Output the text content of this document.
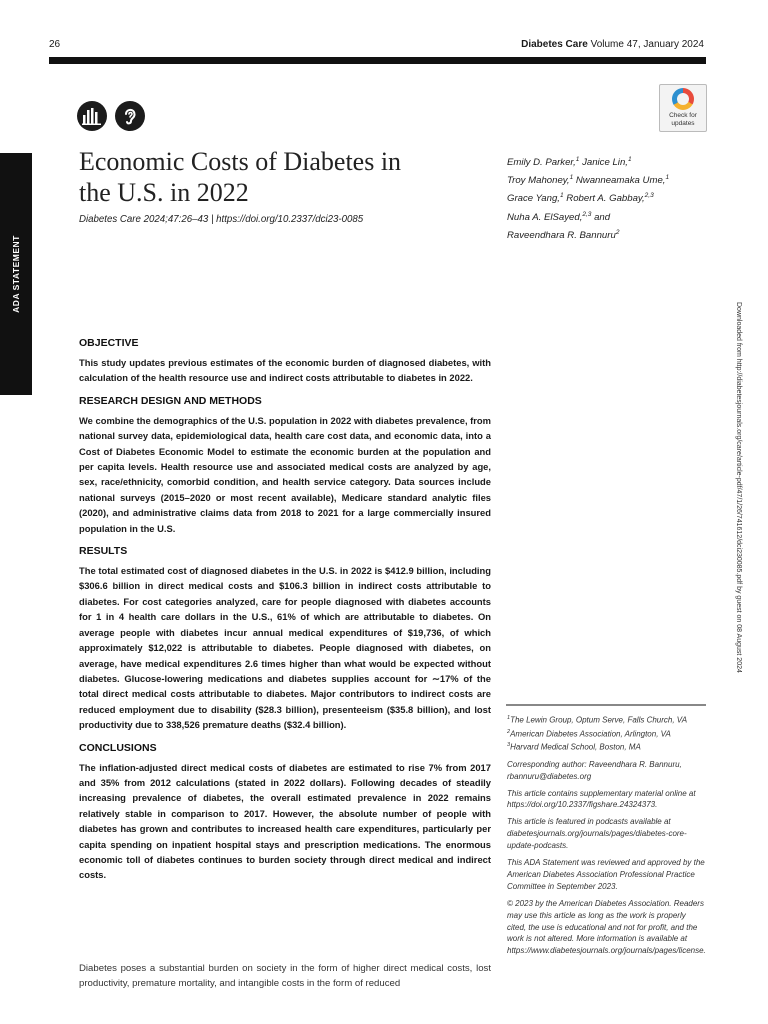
26	Diabetes Care Volume 47, January 2024
ADA STATEMENT
Check for
updates
Economic Costs of Diabetes in
the U.S. in 2022
Diabetes Care 2024;47:26–43 | https://doi.org/10.2337/dci23-0085
Emily D. Parker,$^1$ Janice Lin,$^1$
Troy Mahoney,$^1$ Nwanneamaka Ume,$^1$
Grace Yang,$^1$ Robert A. Gabbay,$^{2,3}$
Nuha A. ElSayed,$^{2,3}$ and
Raveendhara R. Bannuru$^2$
Downloaded from http://diabetesjournals.org/care/article-pdf/47/1/26/741612/dci230085.pdf by guest on 08 August 2024
OBJECTIVE

This study updates previous estimates of the economic burden of diagnosed diabetes, with calculation of the health resource use and indirect costs attributable to diabetes in 2022.

RESEARCH DESIGN AND METHODS

We combine the demographics of the U.S. population in 2022 with diabetes prevalence, from national survey data, epidemiological data, health care cost data, and economic data, into a Cost of Diabetes Economic Model to estimate the economic burden at the population and per capita levels. Health resource use and associated medical costs are analyzed by age, sex, race/ethnicity, comorbid condition, and health service category. Data sources include national surveys (2015–2020 or most recent available), Medicare standard analytic files (2020), and administrative claims data from 2018 to 2021 for a large commercially insured population in the U.S.

RESULTS

The total estimated cost of diagnosed diabetes in the U.S. in 2022 is $412.9 billion, including $306.6 billion in direct medical costs and $106.3 billion in indirect costs attributable to diabetes. For cost categories analyzed, care for people diagnosed with diabetes accounts for 1 in 4 health care dollars in the U.S., 61% of which are attributable to diabetes. On average people with diabetes incur annual medical expenditures of $19,736, of which approximately $12,022 is attributable to diabetes. People diagnosed with diabetes, on average, have medical expenditures 2.6 times higher than what would be expected without diabetes. Glucose-lowering medications and diabetes supplies account for ∼17% of the total direct medical costs attributable to diabetes. Major contributors to indirect costs are reduced employment due to disability ($28.3 billion), presenteeism ($35.8 billion), and lost productivity due to 338,526 premature deaths ($32.4 billion).

CONCLUSIONS

The inflation-adjusted direct medical costs of diabetes are estimated to rise 7% from 2017 and 35% from 2012 calculations (stated in 2022 dollars). Following decades of steadily increasing prevalence of diabetes, the overall estimated prevalence in 2022 remains relatively stable in comparison to 2017. However, the absolute number of people with diabetes has grown and contributes to increased health care expenditures, particularly per capita spending on inpatient hospital stays and prescription medications. The enormous economic toll of diabetes continues to burden society through direct medical and indirect costs.

Diabetes poses a substantial burden on society in the form of higher direct medical costs, lost productivity, premature mortality, and intangible costs in the form of reduced

$^1$The Lewin Group, Optum Serve, Falls Church, VA

$^2$American Diabetes Association, Arlington, VA

$^3$Harvard Medical School, Boston, MA

Corresponding author: Raveendhara R. Bannuru, rbannuru@diabetes.org

This article contains supplementary material online at https://doi.org/10.2337/figshare.24324373.

This article is featured in podcasts available at diabetesjournals.org/journals/pages/diabetes-core-update-podcasts.

This ADA Statement was reviewed and approved by the American Diabetes Association Professional Practice Committee in September 2023.

© 2023 by the American Diabetes Association. Readers may use this article as long as the work is properly cited, the use is educational and not for profit, and the work is not altered. More information is available at https://www.diabetesjournals.org/journals/pages/license.
